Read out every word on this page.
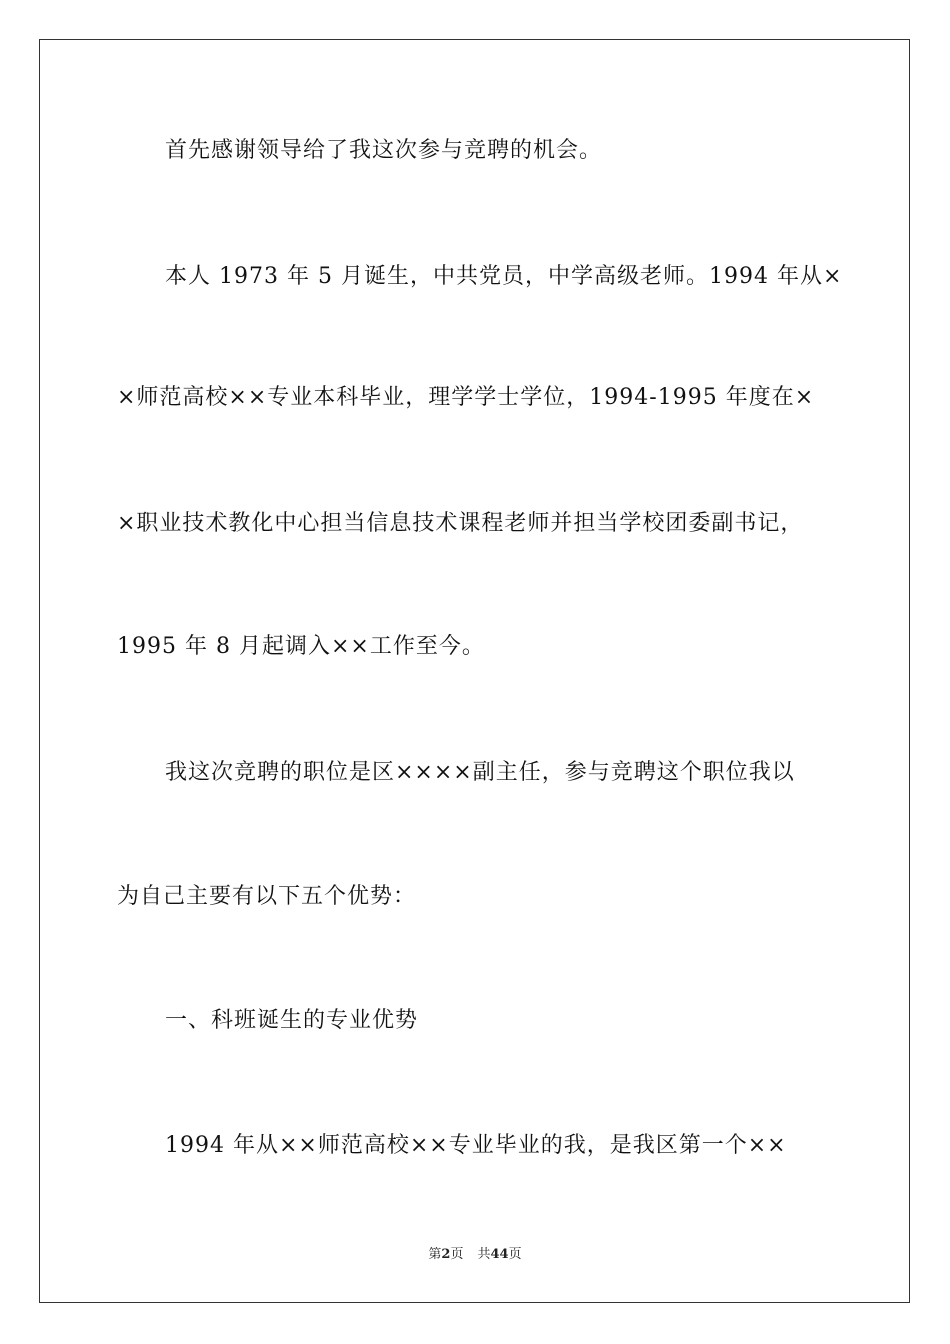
首先感谢领导给了我这次参与竞聘的机会。
本人 1973 年 5 月诞生，中共党员，中学高级老师。1994 年从×
×师范高校××专业本科毕业，理学学士学位，1994-1995 年度在×
×职业技术教化中心担当信息技术课程老师并担当学校团委副书记，
1995 年 8 月起调入××工作至今。
我这次竞聘的职位是区××××副主任，参与竞聘这个职位我以
为自己主要有以下五个优势：
一、科班诞生的专业优势
1994 年从××师范高校××专业毕业的我，是我区第一个××
第2页 共44页
